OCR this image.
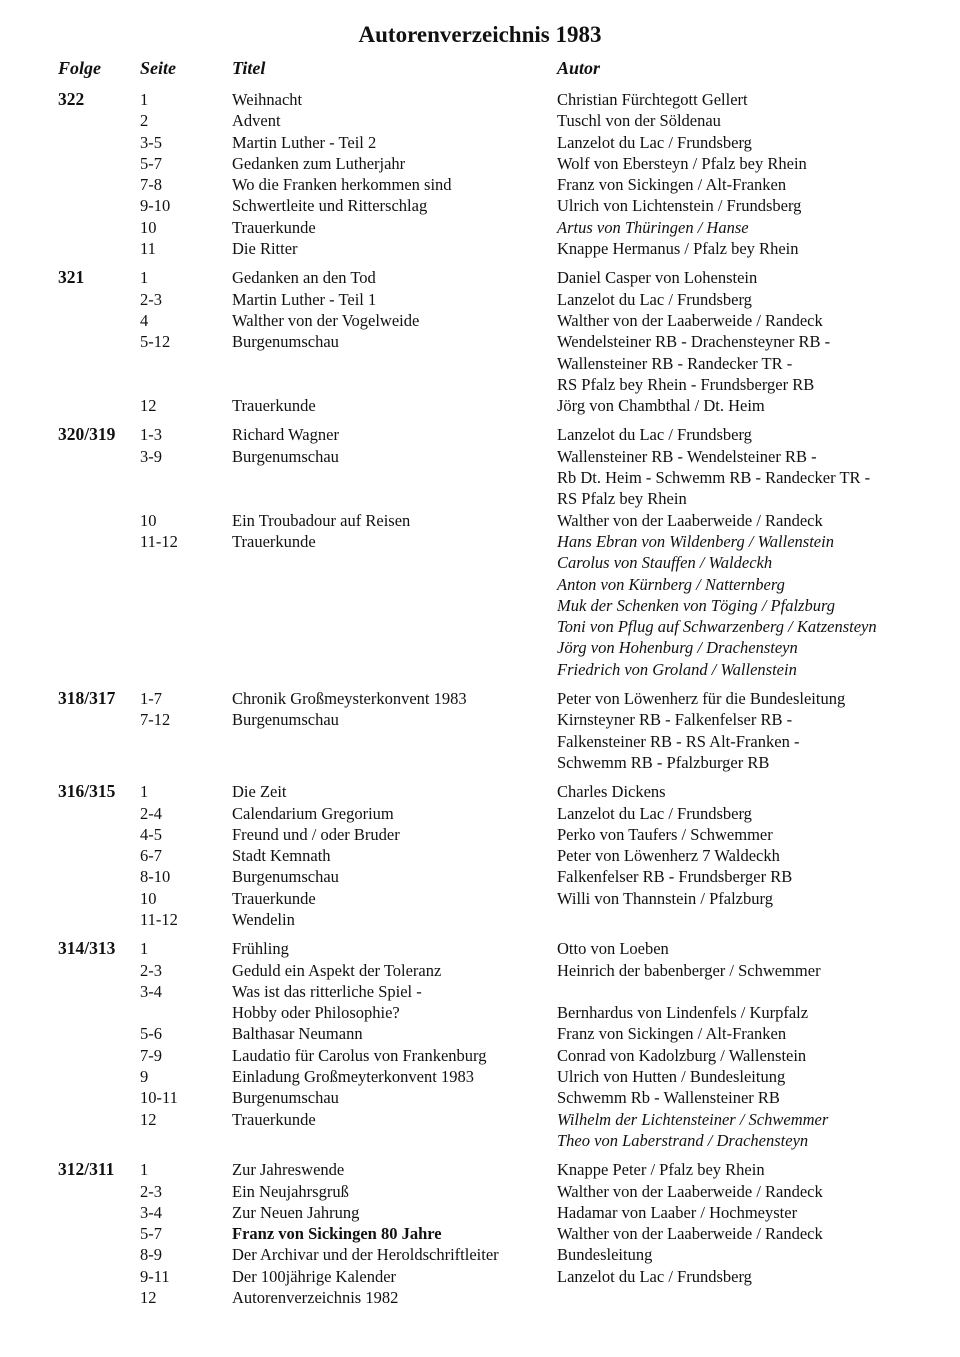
Autorenverzeichnis 1983
Folge Seite	Titel	Autor
322	1	Weihnacht	Christian Fürchtegott Gellert
2	Advent	Tuschl von der Söldenau
3-5	Martin Luther - Teil 2	Lanzelot du Lac / Frundsberg
5-7	Gedanken zum Lutherjahr	Wolf von Ebersteyn / Pfalz bey Rhein
7-8	Wo die Franken herkommen sind	Franz von Sickingen / Alt-Franken
9-10	Schwertleite und Ritterschlag	Ulrich von Lichtenstein / Frundsberg
10	Trauerkunde	Artus von Thüringen / Hanse
11	Die Ritter	Knappe Hermanus / Pfalz bey Rhein
321	1	Gedanken an den Tod	Daniel Casper von Lohenstein
2-3	Martin Luther - Teil 1	Lanzelot du Lac / Frundsberg
4	Walther von der Vogelweide	Walther von der Laaberweide / Randeck
5-12	Burgenumschau	Wendelsteiner RB - Drachensteyner RB -
Wallensteiner RB - Randecker TR -
RS Pfalz bey Rhein - Frundsberger RB
12	Trauerkunde	Jörg von Chambthal / Dt. Heim
320/319 1-3	Richard Wagner	Lanzelot du Lac / Frundsberg
3-9	Burgenumschau	Wallensteiner RB - Wendelsteiner RB -
Rb Dt. Heim - Schwemm RB - Randecker TR -
RS Pfalz bey Rhein
10	Ein Troubadour auf Reisen	Walther von der Laaberweide / Randeck
11-12	Trauerkunde	Hans Ebran von Wildenberg / Wallenstein
Carolus von Stauffen / Waldeckh
Anton von Kürnberg / Natternberg
Muk der Schenken von Töging / Pfalzburg
Toni von Pflug auf Schwarzenberg / Katzensteyn
Jörg von Hohenburg / Drachensteyn
Friedrich von Groland / Wallenstein
318/317 1-7	Chronik Großmeysterkonvent 1983	Peter von Löwenherz für die Bundesleitung
7-12	Burgenumschau	Kirnsteyner RB - Falkenfelser RB -
Falkensteiner RB - RS Alt-Franken -
Schwemm RB - Pfalzburger RB
316/315 1	Die Zeit	Charles Dickens
2-4	Calendarium Gregorium	Lanzelot du Lac / Frundsberg
4-5	Freund und / oder Bruder	Perko von Taufers / Schwemmer
6-7	Stadt Kemnath	Peter von Löwenherz 7 Waldeckh
8-10	Burgenumschau	Falkenfelser RB - Frundsberger RB
10	Trauerkunde	Willi von Thannstein / Pfalzburg
11-12	Wendelin
314/313 1	Frühling	Otto von Loeben
2-3	Geduld ein Aspekt der Toleranz	Heinrich der babenberger / Schwemmer
3-4	Was ist das ritterliche Spiel -
Hobby oder Philosophie?	Bernhardus von Lindenfels / Kurpfalz
5-6	Balthasar Neumann	Franz von Sickingen / Alt-Franken
7-9	Laudatio für Carolus von Frankenburg	Conrad von Kadolzburg / Wallenstein
9	Einladung Großmeyterkonvent 1983	Ulrich von Hutten / Bundesleitung
10-11	Burgenumschau	Schwemm Rb - Wallensteiner RB
12	Trauerkunde	Wilhelm der Lichtensteiner / Schwemmer
Theo von Laberstrand / Drachensteyn
312/311 1	Zur Jahreswende	Knappe Peter / Pfalz bey Rhein
2-3	Ein Neujahrsgruß	Walther von der Laaberweide / Randeck
3-4	Zur Neuen Jahrung	Hadamar von Laaber / Hochmeyster
5-7	Franz von Sickingen 80 Jahre	Walther von der Laaberweide / Randeck
8-9	Der Archivar und der Heroldschriftleiter	Bundesleitung
9-11	Der 100jährige Kalender	Lanzelot du Lac / Frundsberg
12	Autorenverzeichnis 1982
